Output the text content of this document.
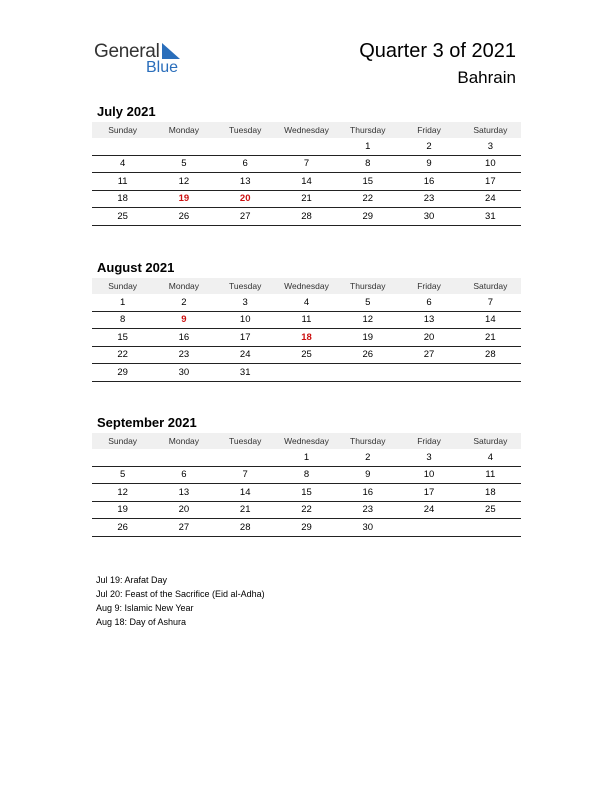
General
Blue
Quarter 3 of 2021
Bahrain
July 2021
Sunday	Monday	Tuesday	Wednesday	Thursday	Friday	Saturday
				1	2	3
4	5	6	7	8	9	10
11	12	13	14	15	16	17
18	19	20	21	22	23	24
25	26	27	28	29	30	31
August 2021
Sunday	Monday	Tuesday	Wednesday	Thursday	Friday	Saturday
1	2	3	4	5	6	7
8	9	10	11	12	13	14
15	16	17	18	19	20	21
22	23	24	25	26	27	28
29	30	31				
September 2021
Sunday	Monday	Tuesday	Wednesday	Thursday	Friday	Saturday
			1	2	3	4
5	6	7	8	9	10	11
12	13	14	15	16	17	18
19	20	21	22	23	24	25
26	27	28	29	30		
Jul 19: Arafat Day
Jul 20: Feast of the Sacrifice (Eid al-Adha)
Aug 9: Islamic New Year
Aug 18: Day of Ashura
